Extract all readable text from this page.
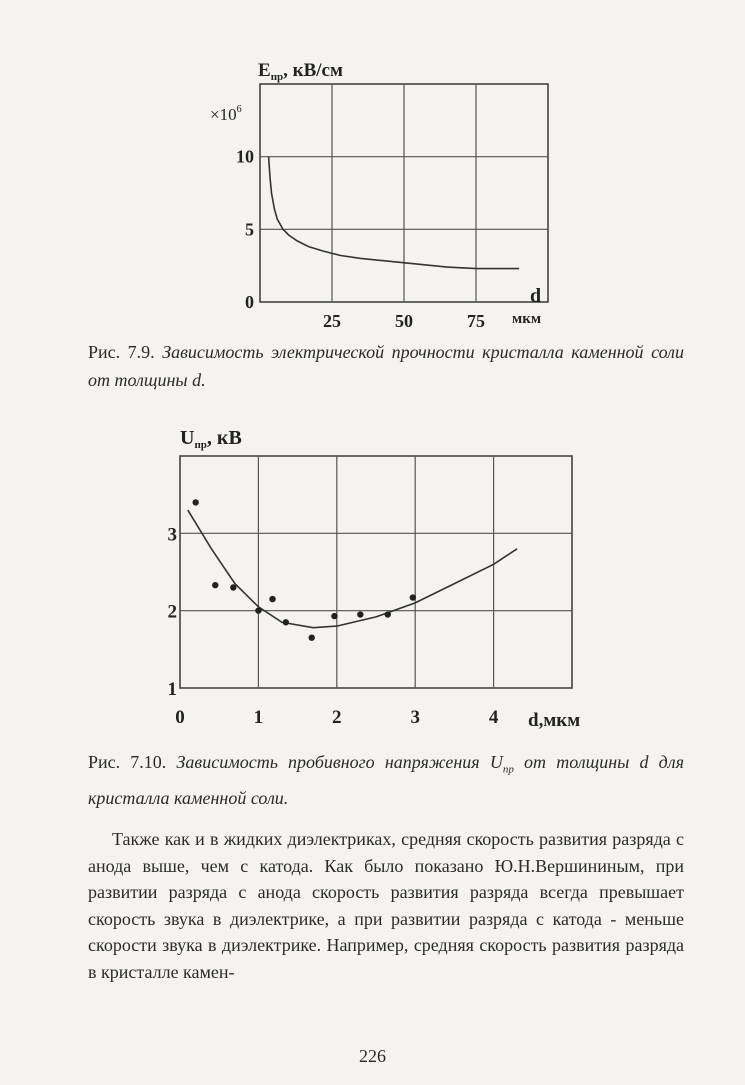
25	50	75
0
5
10
$E_{пр}$, кВ/см
$\times 10^6$
d
мкм
Рис. 7.9. Зависимость электрической прочности кристалла каменной соли от толщины d.
0	1	2	3	4
1
2
3
$U_{пр}$, кВ
d,мкм
Рис. 7.10. Зависимость пробивного напряжения $U_{пр}$ от толщины d для кристалла каменной соли.

Также как и в жидких диэлектриках, средняя скорость развития разряда с анода выше, чем с катода. Как было показано Ю.Н.Вершининым, при развитии разряда с анода скорость развития разряда всегда превышает скорость звука в диэлектрике, а при развитии разряда с катода - меньше скорости звука в диэлектрике. Например, средняя скорость развития разряда в кристалле камен-

226
